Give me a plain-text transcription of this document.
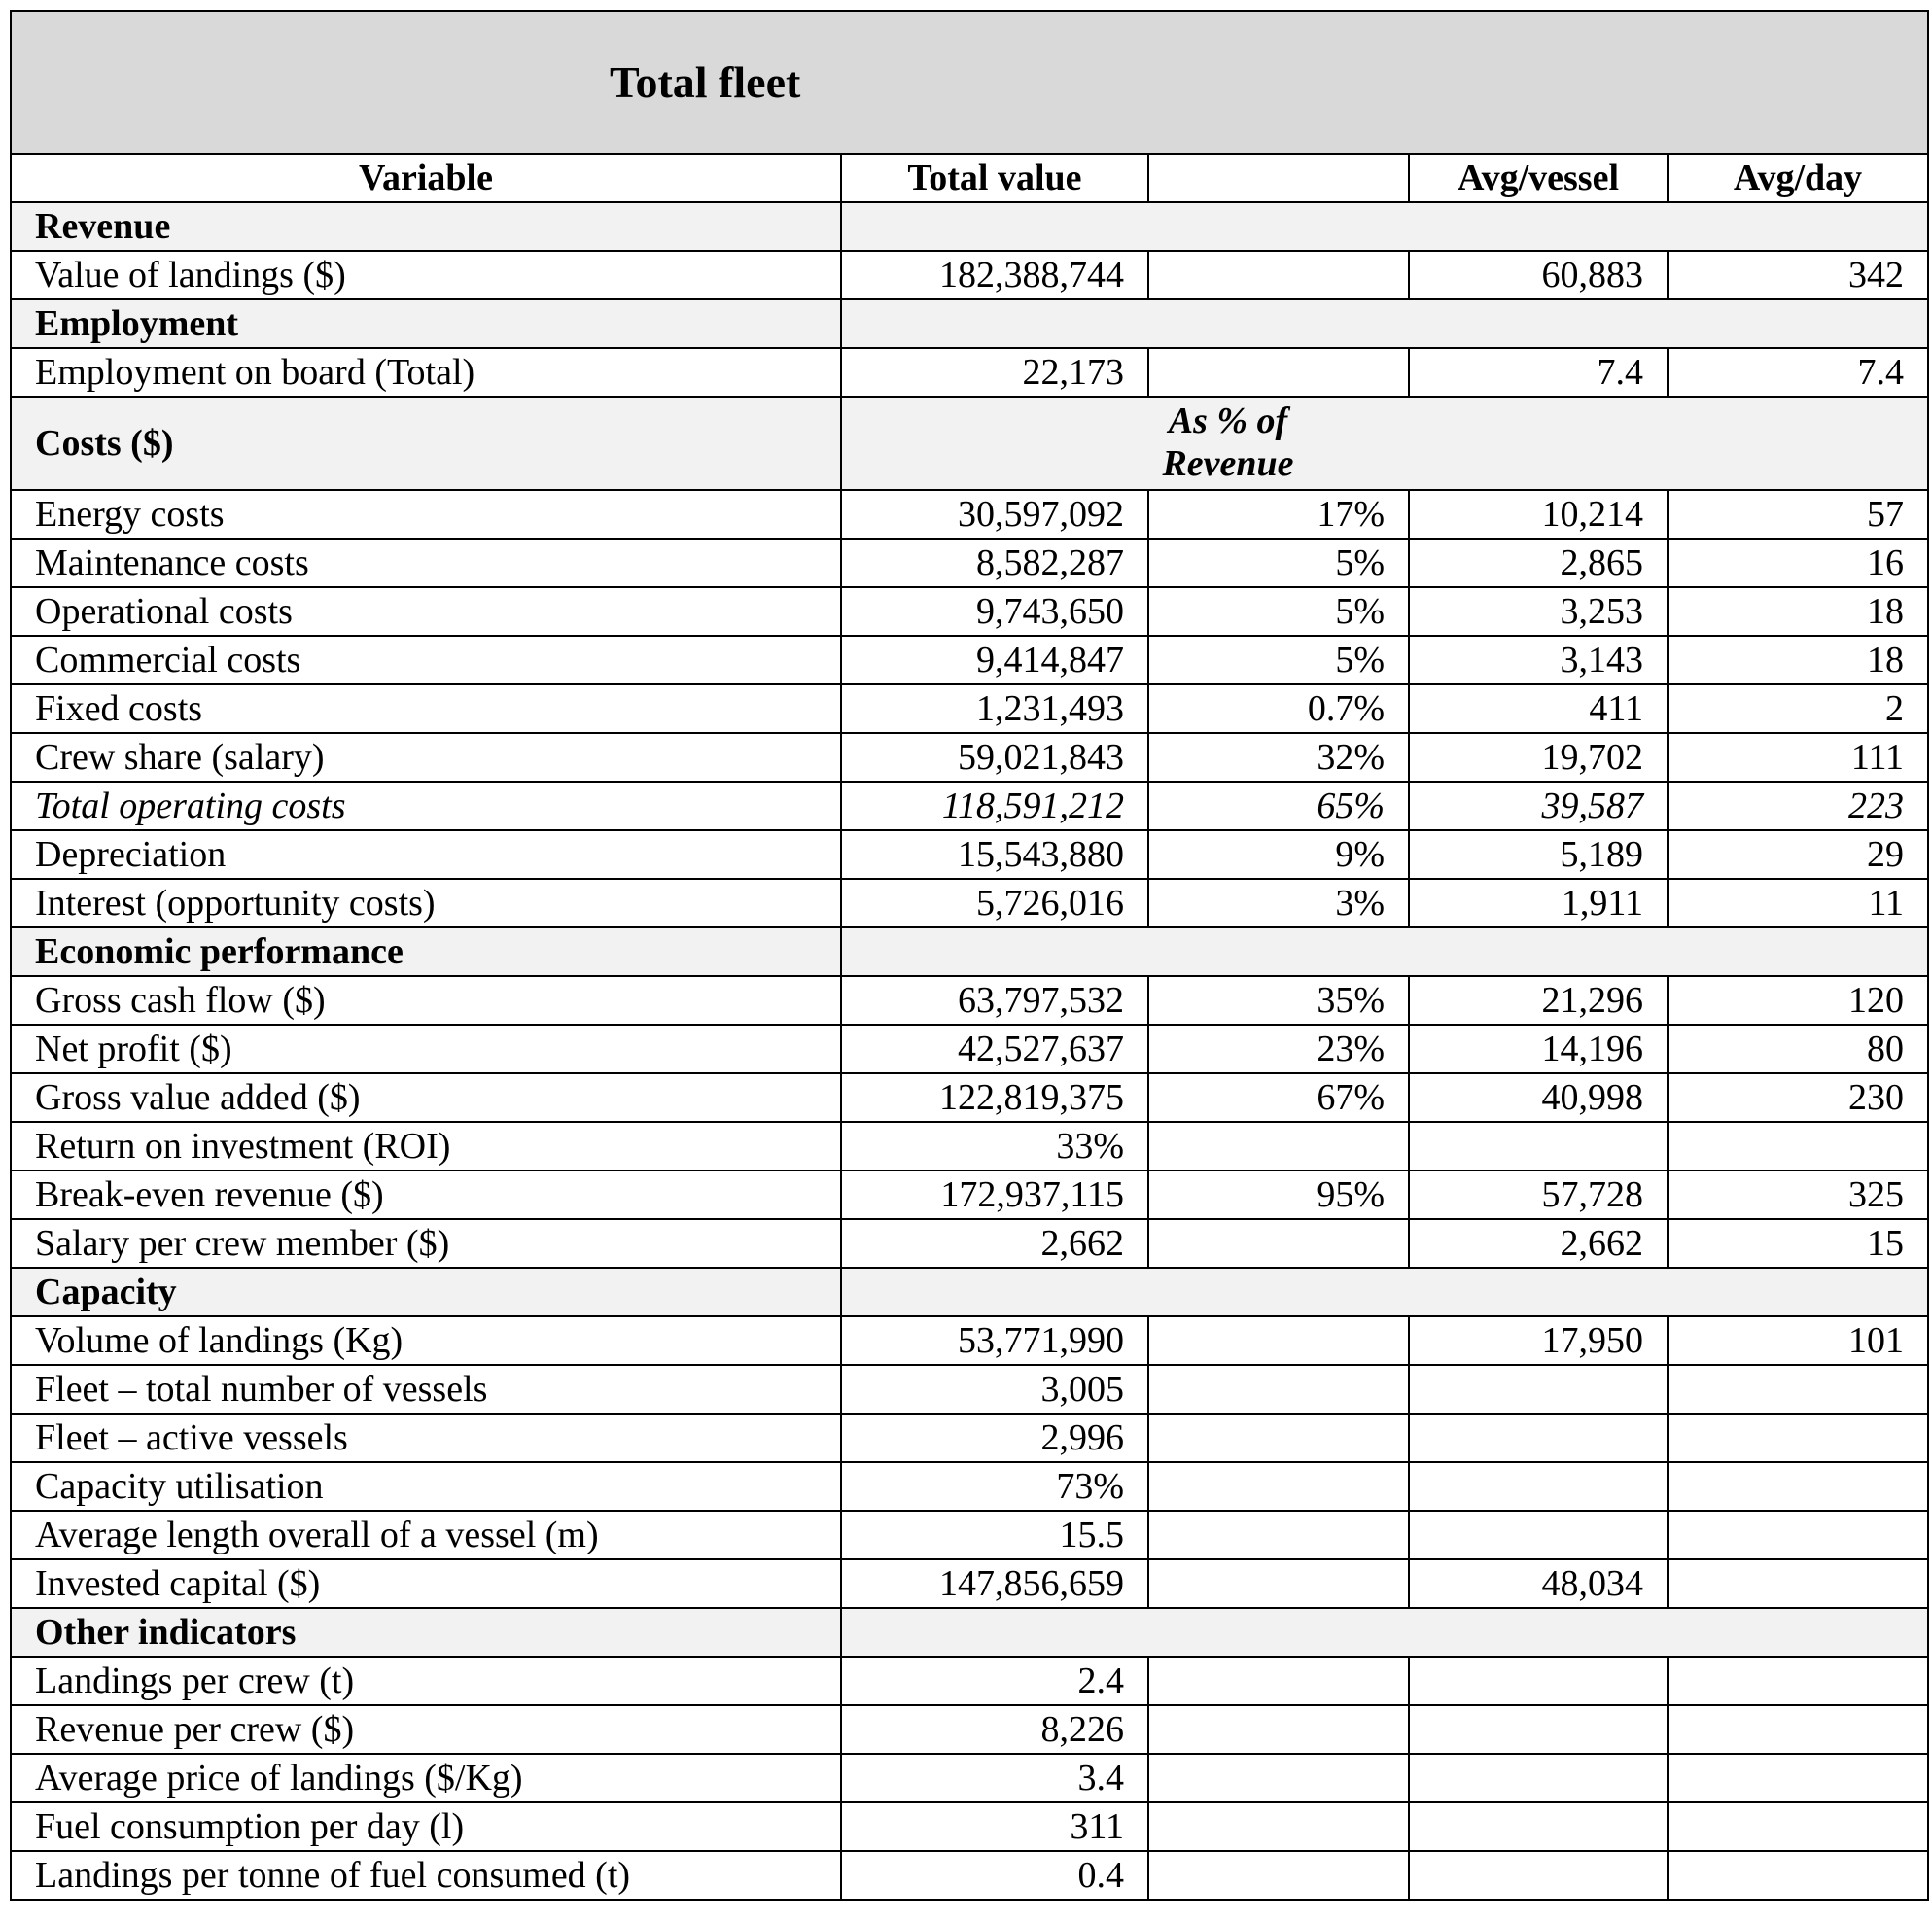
Total fleet				
Variable	Total value		Avg/vessel	Avg/day
Revenue				
Value of landings ($)	182,388,744		60,883	342
Employment				
Employment on board (Total)	22,173		7.4	7.4
Costs ($)	As % of
Revenue			

Energy costs	30,597,092	17%	10,214	57
Maintenance costs	8,582,287	5%	2,865	16
Operational costs	9,743,650	5%	3,253	18
Commercial costs	9,414,847	5%	3,143	18
Fixed costs	1,231,493	0.7%	411	2
Crew share (salary)	59,021,843	32%	19,702	111
Total operating costs	118,591,212	65%	39,587	223
Depreciation	15,543,880	9%	5,189	29
Interest (opportunity costs)	5,726,016	3%	1,911	11
Economic performance				
Gross cash flow ($)	63,797,532	35%	21,296	120
Net profit ($)	42,527,637	23%	14,196	80
Gross value added ($)	122,819,375	67%	40,998	230
Return on investment (ROI)	33%			
Break-even revenue ($)	172,937,115	95%	57,728	325
Salary per crew member ($)	2,662		2,662	15
Capacity				
Volume of landings (Kg)	53,771,990		17,950	101
Fleet – total number of vessels	3,005			
Fleet – active vessels	2,996			
Capacity utilisation	73%			
Average length overall of a vessel (m)	15.5			
Invested capital ($)	147,856,659		48,034	
Other indicators				
Landings per crew (t)	2.4			
Revenue per crew ($)	8,226			
Average price of landings ($/Kg)	3.4			
Fuel consumption per day (l)	311			
Landings per tonne of fuel consumed (t)	0.4			
